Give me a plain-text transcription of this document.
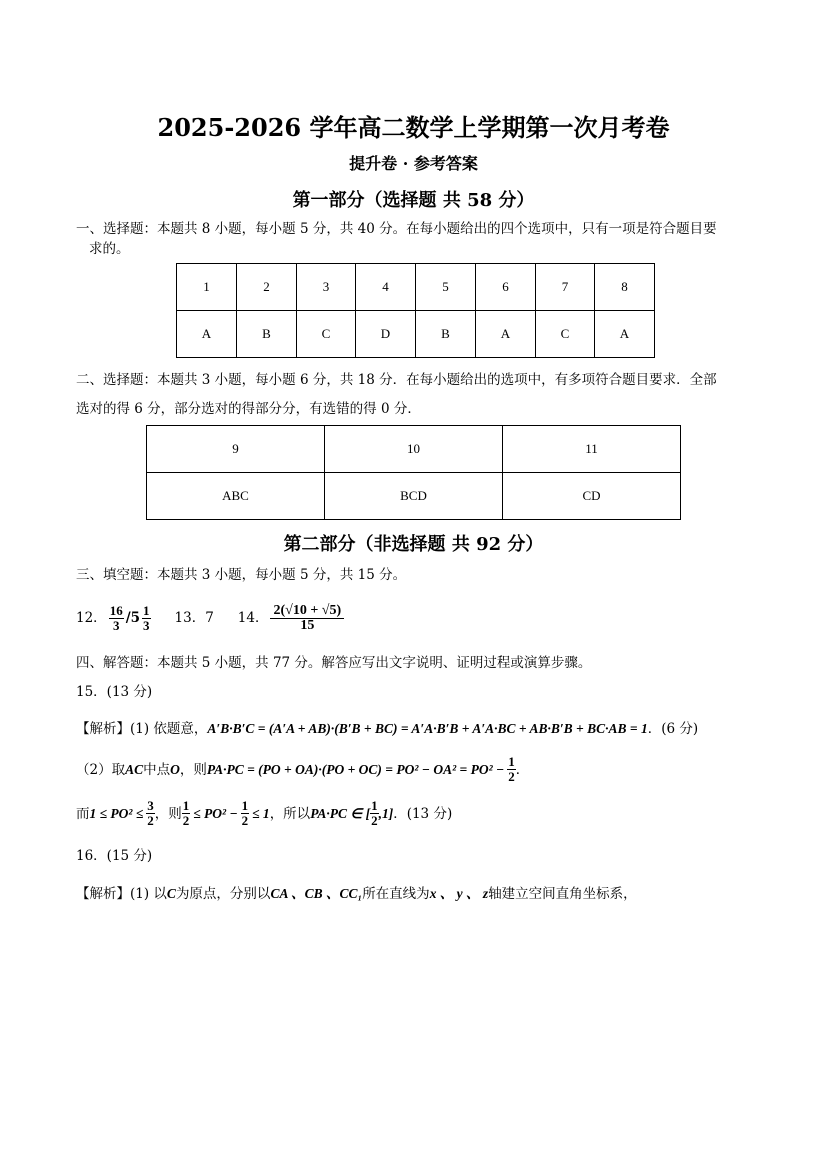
2025-2026 学年高二数学上学期第一次月考卷
提升卷 · 参考答案
第一部分（选择题 共 58 分）
一、选择题：本题共 8 小题，每小题 5 分，共 40 分。在每小题给出的四个选项中，只有一项是符合题目要
求的。
1	2	3	4	5	6	7	8
A	B	C	D	B	A	C	A
二、选择题：本题共 3 小题，每小题 6 分，共 18 分．在每小题给出的选项中，有多项符合题目要求．全部
选对的得 6 分，部分选对的得部分分，有选错的得 0 分．
9	10	11
ABC	BCD	CD
第二部分（非选择题 共 92 分）
三、填空题：本题共 3 小题，每小题 5 分，共 15 分。
12． $\frac{16}{3} /5 \frac{1}{3} 13$．7 14． $\frac{2(√10 + √5)}{15}$
四、解答题：本题共 5 小题，共 77 分。解答应写出文字说明、证明过程或演算步骤。
15．(13 分)
【解析】(1) 依题意，A′B·B′C = (A′A + AB)·(B′B + BC) = A′A·B′B + A′A·BC + AB·B′B + BC·AB = 1．(6 分)
（2）取 AC 中点 O ，则 $PA\cdot PC = (PO + OA)\cdot(PO + OC) = PO^2 - OA^2 = PO^2 - \frac{1}{2}$ ．
而 $1 \le PO^2 \le \frac{3}{2}$ ，则 $\frac{1}{2} \le PO^2 - \frac{1}{2} \le 1$ ，所以 PA·PC ∈ [ $\frac{1}{2} ,1$] ．(13 分)
16．(15 分)
【解析】(1) 以C为原点，分别以CA 、CB 、CC₁所在直线为x 、 y 、 z轴建立空间直角坐标系，
